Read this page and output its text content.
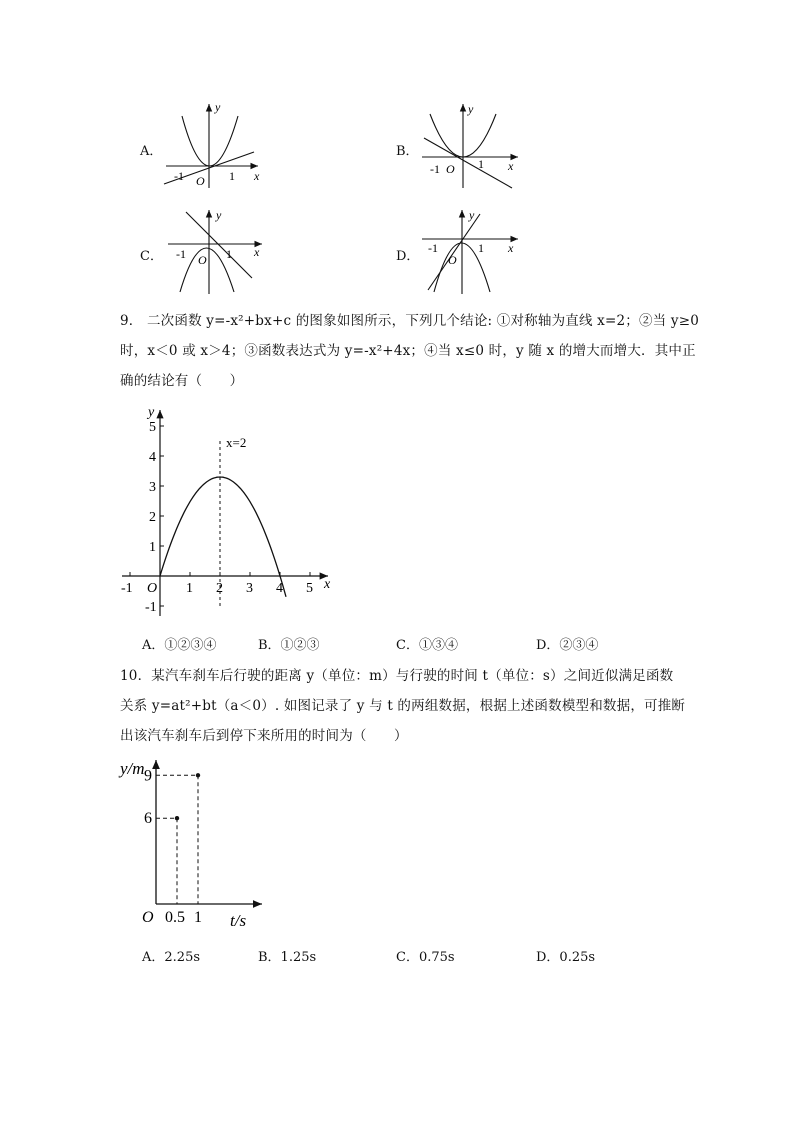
A．
y
x
O
-1	1
B．
y
x
O
-1	1
C．
y
x
O
-1	1	D．
y
x
O
-1	1
9． 二次函数 y=-x²+bx+c 的图象如图所示，下列几个结论: ①对称轴为直线 x=2；②当 y≥0
时，x＜0 或 x＞4；③函数表达式为 y=-x²+4x；④当 x≤0 时，y 随 x 的增大而增大．其中正
确的结论有（　　）
-1	1 2 3 4 5
5
4
3
2
1
-1
O	x
y
x=2
A．①②③④	B．①②③	C．①③④	D．②③④
10．某汽车刹车后行驶的距离 y（单位：m）与行驶的时间 t（单位：s）之间近似满足函数
关系 y=at²+bt（a＜0）. 如图记录了 y 与 t 的两组数据，根据上述函数模型和数据，可推断
出该汽车刹车后到停下来所用的时间为（　　）
6
0.5
9
1
O	t/s
y/m
A．2.25s	B．1.25s	C．0.75s	D．0.25s
